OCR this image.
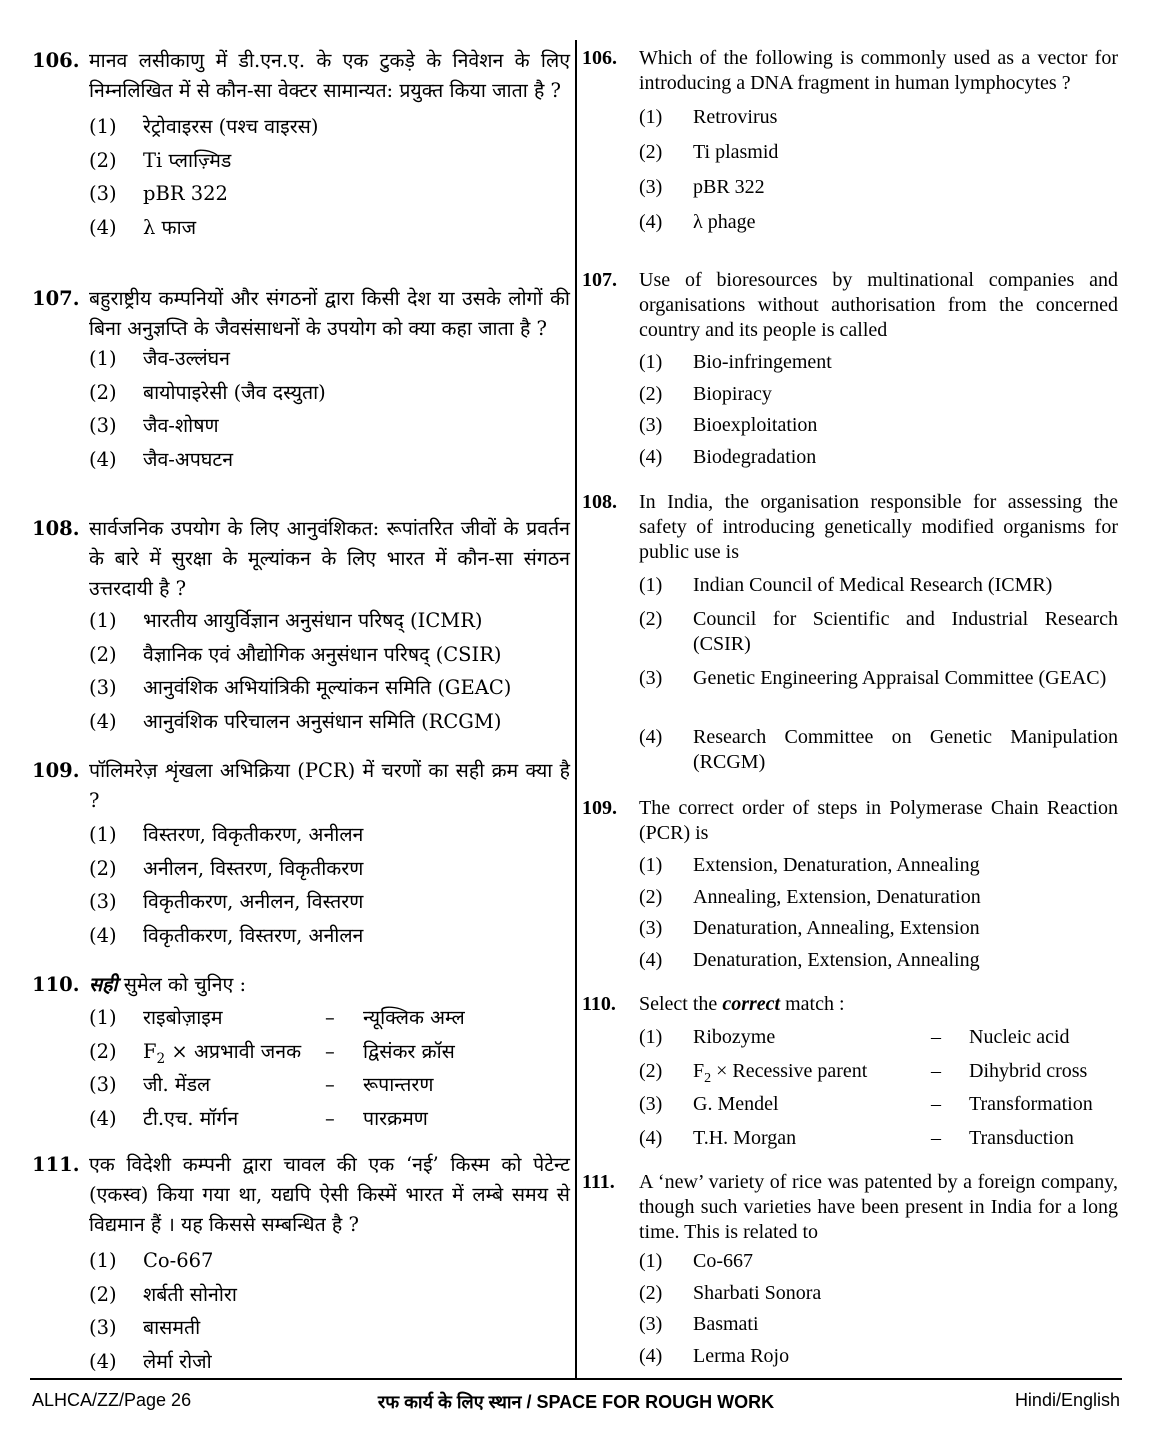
106. मानव लसीकाणु में डी.एन.ए. के एक टुकड़े के निवेशन के लिए निम्नलिखित में से कौन-सा वेक्टर सामान्यत: प्रयुक्त किया जाता है ?
(1)	रेट्रोवाइरस (पश्च वाइरस)
(2)	Ti प्लाज़्मिड
(3)	pBR 322
(4)	λ फाज
107. बहुराष्ट्रीय कम्पनियों और संगठनों द्वारा किसी देश या उसके लोगों की बिना अनुज्ञप्ति के जैवसंसाधनों के उपयोग को क्या कहा जाता है ?
(1)	जैव-उल्लंघन
(2)	बायोपाइरेसी (जैव दस्युता)
(3)	जैव-शोषण
(4)	जैव-अपघटन
108. सार्वजनिक उपयोग के लिए आनुवंशिकत: रूपांतरित जीवों के प्रवर्तन के बारे में सुरक्षा के मूल्यांकन के लिए भारत में कौन-सा संगठन उत्तरदायी है ?
(1)	भारतीय आयुर्विज्ञान अनुसंधान परिषद् (ICMR)
(2)	वैज्ञानिक एवं औद्योगिक अनुसंधान परिषद् (CSIR)
(3)	आनुवंशिक अभियांत्रिकी मूल्यांकन समिति (GEAC)
(4)	आनुवंशिक परिचालन अनुसंधान समिति (RCGM)
109. पॉलिमरेज़ शृंखला अभिक्रिया (PCR) में चरणों का सही क्रम क्या है ?
(1)	विस्तरण, विकृतीकरण, अनीलन
(2)	अनीलन, विस्तरण, विकृतीकरण
(3)	विकृतीकरण, अनीलन, विस्तरण
(4)	विकृतीकरण, विस्तरण, अनीलन
110. सही सुमेल को चुनिए :
(1)	राइबोज़ाइम	–	न्यूक्लिक अम्ल
(2)	$F_2$ × अप्रभावी जनक	–	द्विसंकर क्रॉस
(3)	जी. मेंडल	–	रूपान्तरण
(4)	टी.एच. मॉर्गन	–	पारक्रमण
111. एक विदेशी कम्पनी द्वारा चावल की एक ‘नई’ किस्म को पेटेन्ट (एकस्व) किया गया था, यद्यपि ऐसी किस्में भारत में लम्बे समय से विद्यमान हैं । यह किससे सम्बन्धित है ?
(1)	Co-667
(2)	शर्बती सोनोरा
(3)	बासमती
(4)	लेर्मा रोजो
106.	Which of the following is commonly used as a vector for introducing a DNA fragment in human lymphocytes ?
(1)	Retrovirus
(2)	Ti plasmid
(3)	pBR 322
(4)	λ phage
107.	Use of bioresources by multinational companies and organisations without authorisation from the concerned country and its people is called
(1)	Bio-infringement
(2)	Biopiracy
(3)	Bioexploitation
(4)	Biodegradation
108.	In India, the organisation responsible for assessing the safety of introducing genetically modified organisms for public use is
(1)	Indian Council of Medical Research (ICMR)
(2)	Council for Scientific and Industrial Research (CSIR)
(3)	Genetic Engineering Appraisal Committee (GEAC)
(4)	Research Committee on Genetic Manipulation (RCGM)
109.	The correct order of steps in Polymerase Chain Reaction (PCR) is
(1)	Extension, Denaturation, Annealing
(2)	Annealing, Extension, Denaturation
(3)	Denaturation, Annealing, Extension
(4)	Denaturation, Extension, Annealing
110.	Select the correct match :
(1)	Ribozyme	–	Nucleic acid
(2)	$F_2$ × Recessive parent	–	Dihybrid cross
(3)	G. Mendel	–	Transformation
(4)	T.H. Morgan	–	Transduction
111.	A ‘new’ variety of rice was patented by a foreign company, though such varieties have been present in India for a long time. This is related to
(1)	Co-667
(2)	Sharbati Sonora
(3)	Basmati
(4)	Lerma Rojo
ALHCA/ZZ/Page 26	रफ कार्य के लिए स्थान / SPACE FOR ROUGH WORK	Hindi/English
